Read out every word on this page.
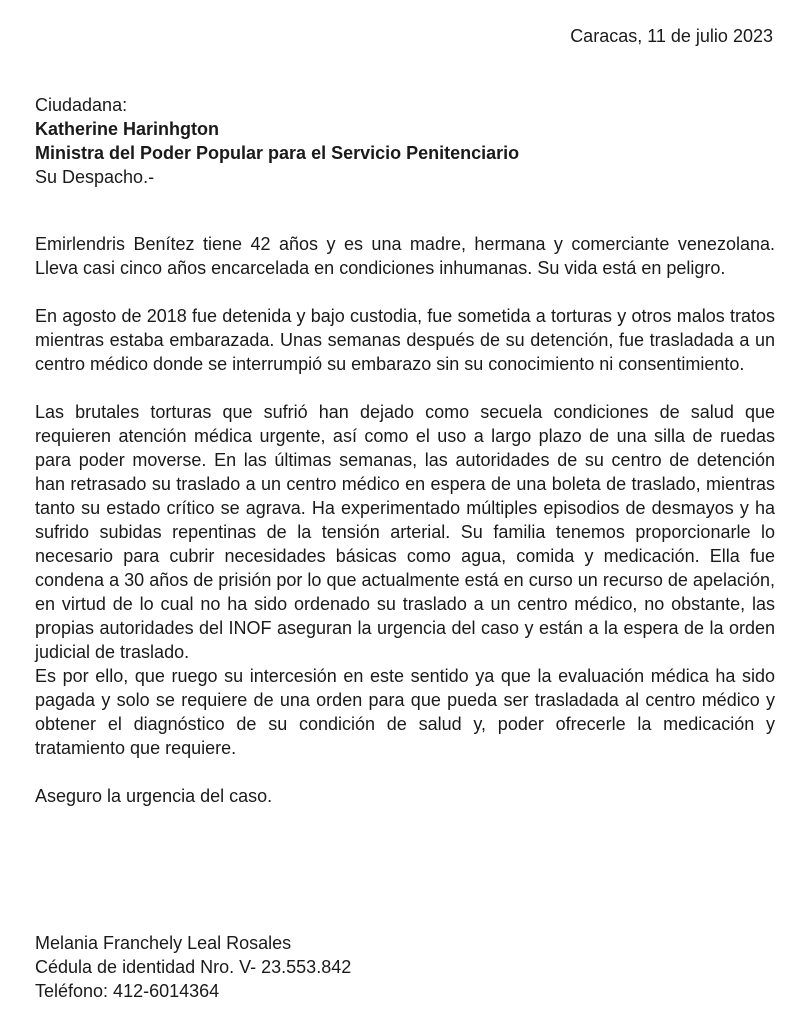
Caracas, 11 de julio 2023
Ciudadana:
Katherine Harinhgton
Ministra del Poder Popular para el Servicio Penitenciario
Su Despacho.-

Emirlendris Benítez tiene 42 años y es una madre, hermana y comerciante venezolana. Lleva casi cinco años encarcelada en condiciones inhumanas. Su vida está en peligro.

En agosto de 2018 fue detenida y bajo custodia, fue sometida a torturas y otros malos tratos mientras estaba embarazada. Unas semanas después de su detención, fue trasladada a un centro médico donde se interrumpió su embarazo sin su conocimiento ni consentimiento.

Las brutales torturas que sufrió han dejado como secuela condiciones de salud que requieren atención médica urgente, así como el uso a largo plazo de una silla de ruedas para poder moverse. En las últimas semanas, las autoridades de su centro de detención han retrasado su traslado a un centro médico en espera de una boleta de traslado, mientras tanto su estado crítico se agrava. Ha experimentado múltiples episodios de desmayos y ha sufrido subidas repentinas de la tensión arterial. Su familia tenemos proporcionarle lo necesario para cubrir necesidades básicas como agua, comida y medicación. Ella fue condena a 30 años de prisión por lo que actualmente está en curso un recurso de apelación, en virtud de lo cual no ha sido ordenado su traslado a un centro médico, no obstante, las propias autoridades del INOF aseguran la urgencia del caso y están a la espera de la orden judicial de traslado.

Es por ello, que ruego su intercesión en este sentido ya que la evaluación médica ha sido pagada y solo se requiere de una orden para que pueda ser trasladada al centro médico y obtener el diagnóstico de su condición de salud y, poder ofrecerle la medicación y tratamiento que requiere.

Aseguro la urgencia del caso.

Melania Franchely Leal Rosales
Cédula de identidad Nro. V- 23.553.842
Teléfono: 412-6014364
